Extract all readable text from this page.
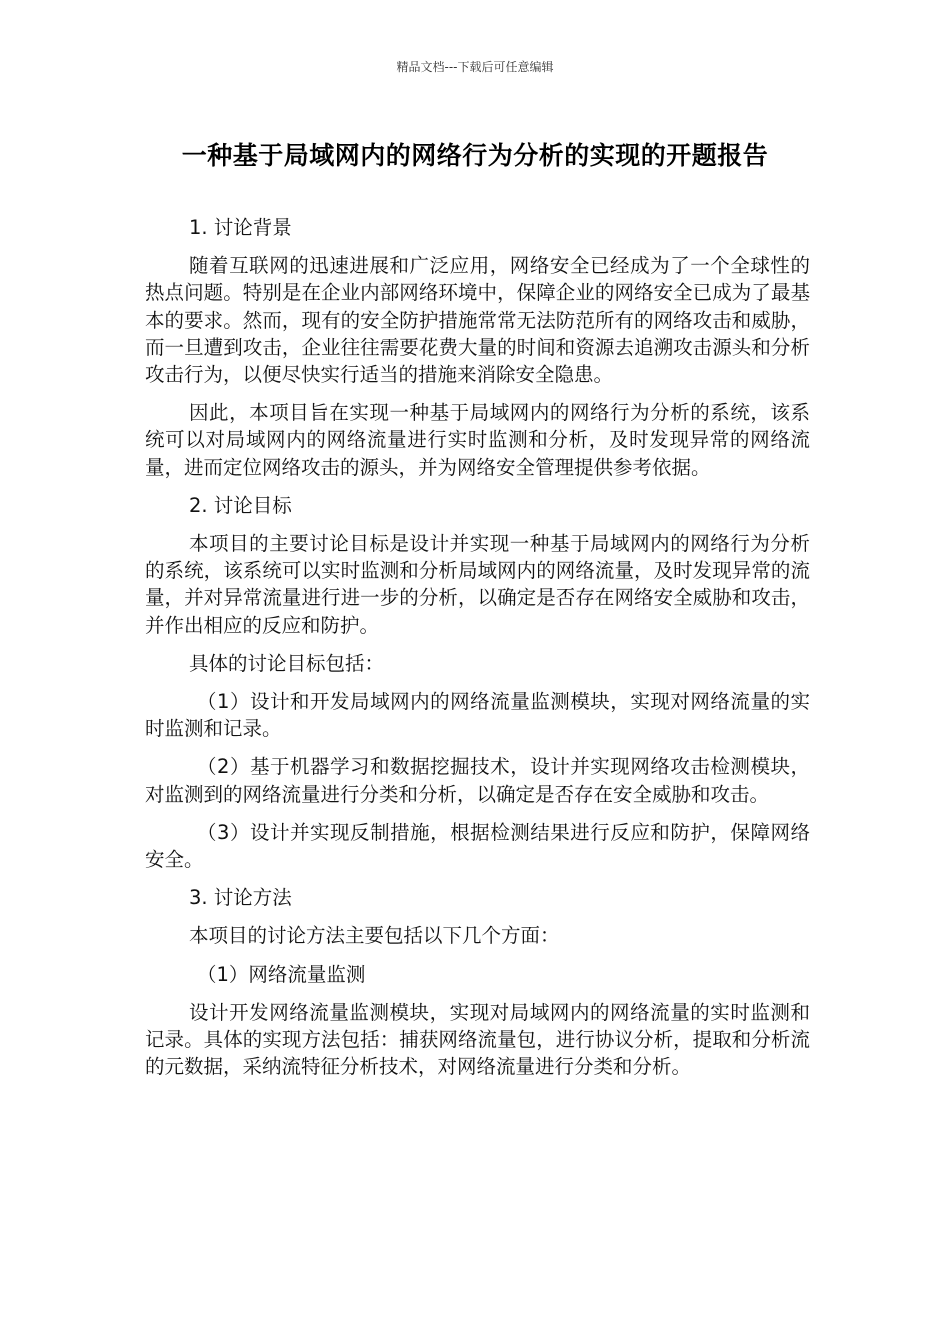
精品文档---下载后可任意编辑
一种基于局域网内的网络行为分析的实现的开题报告

1. 讨论背景

随着互联网的迅速进展和广泛应用，网络安全已经成为了一个全球性的热点问题。特别是在企业内部网络环境中，保障企业的网络安全已成为了最基本的要求。然而，现有的安全防护措施常常无法防范所有的网络攻击和威胁，而一旦遭到攻击，企业往往需要花费大量的时间和资源去追溯攻击源头和分析攻击行为，以便尽快实行适当的措施来消除安全隐患。

因此，本项目旨在实现一种基于局域网内的网络行为分析的系统，该系统可以对局域网内的网络流量进行实时监测和分析，及时发现异常的网络流量，进而定位网络攻击的源头，并为网络安全管理提供参考依据。

2. 讨论目标

本项目的主要讨论目标是设计并实现一种基于局域网内的网络行为分析的系统，该系统可以实时监测和分析局域网内的网络流量，及时发现异常的流量，并对异常流量进行进一步的分析，以确定是否存在网络安全威胁和攻击，并作出相应的反应和防护。

具体的讨论目标包括：

（1）设计和开发局域网内的网络流量监测模块，实现对网络流量的实时监测和记录。

（2）基于机器学习和数据挖掘技术，设计并实现网络攻击检测模块，对监测到的网络流量进行分类和分析，以确定是否存在安全威胁和攻击。

（3）设计并实现反制措施，根据检测结果进行反应和防护，保障网络安全。

3. 讨论方法

本项目的讨论方法主要包括以下几个方面：

（1）网络流量监测

设计开发网络流量监测模块，实现对局域网内的网络流量的实时监测和记录。具体的实现方法包括：捕获网络流量包，进行协议分析，提取和分析流的元数据，采纳流特征分析技术，对网络流量进行分类和分析。
